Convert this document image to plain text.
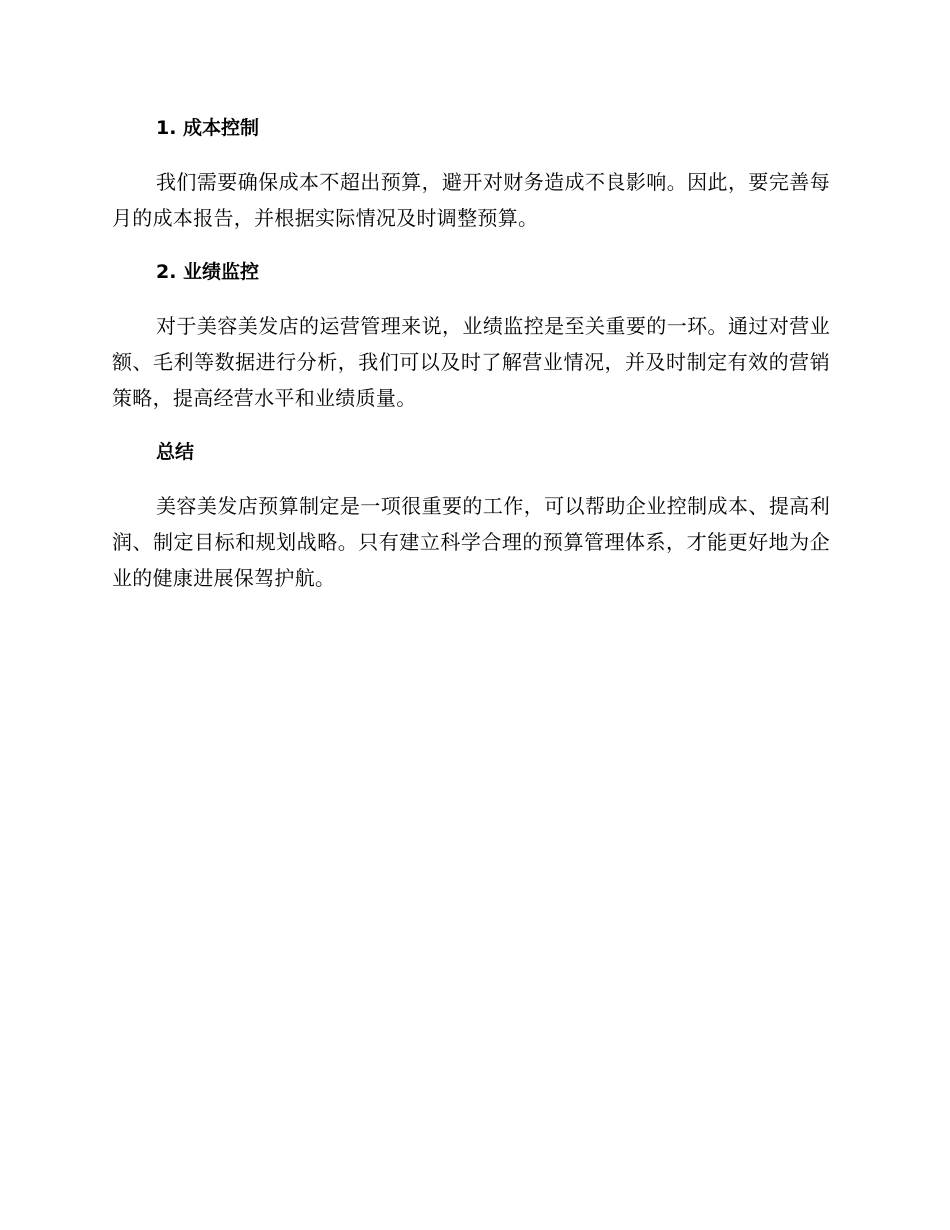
1. 成本控制

我们需要确保成本不超出预算，避开对财务造成不良影响。因此，要完善每月的成本报告，并根据实际情况及时调整预算。

2. 业绩监控

对于美容美发店的运营管理来说，业绩监控是至关重要的一环。通过对营业额、毛利等数据进行分析，我们可以及时了解营业情况，并及时制定有效的营销策略，提高经营水平和业绩质量。

总结

美容美发店预算制定是一项很重要的工作，可以帮助企业控制成本、提高利润、制定目标和规划战略。只有建立科学合理的预算管理体系，才能更好地为企业的健康进展保驾护航。
